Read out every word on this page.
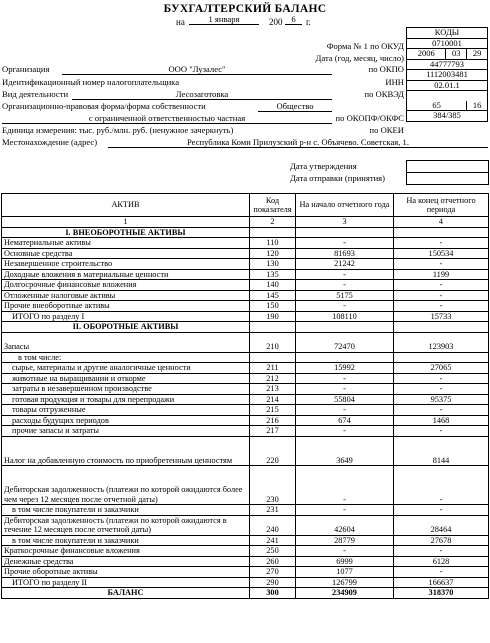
БУХГАЛТЕРСКИЙ БАЛАНС
на	1 января	200	6	г.
КОДЫ		
0710001		
2006	03	29
44777793		
1112003481		
02.01.1		

65		16
384/385		
Форма № 1 по ОКУД
Дата (год, месяц, число)
Организация	ООО "Лузалес"	по ОКПО
Идентификационный номер налогоплательщика	ИНН
Вид деятельности	Лесозаготовка	по ОКВЭД
Организационно-правовая форма/форма собственности	Общество
с ограниченной ответственностью частная	по ОКОПФ/ОКФС
Единица измерения: тыс. руб./млн. руб. (ненужное зачеркнуть)	по ОКЕИ
Местонахождение (адрес)	Республика Коми Прилузский р-н с. Объячево. Советская, 1.
Дата утверждения
Дата отправки (принятия)
АКТИВ	Код показателя	На начало отчетного года	На конец отчетного периода
1	2	3	4
I. ВНЕОБОРОТНЫЕ АКТИВЫ			
Нематериальные активы	110	-	-
Основные средства	120	81693	150534
Незавершенное строительство	130	21242	-
Доходные вложения в материальные ценности	135	-	1199
Долгосрочные финансовые вложения	140	-	-
Отложенные налоговые активы	145	5175	-
Прочие внеоборотные активы	150	-	-
ИТОГО по разделу I	190	108110	15733
II. ОБОРОТНЫЕ АКТИВЫ			
Запасы	210	72470	123903
в том числе:			
сырье, материалы и другие аналогичные ценности	211	15992	27065
животные на выращивании и откорме	212	-	-
затраты в незавершенном производстве	213	-	-
готовая продукция и товары для перепродажи	214	55804	95375
товары отгруженные	215	-	-
расходы будущих периодов	216	674	1468
прочие запасы и затраты	217	-	-
Налог на добавленную стоимость по приобретенным ценностям	220	3649	8144
Дебиторская задолженность (платежи по которой ожидаются более чем через 12 месяцев после отчетной даты)	230	-	-
в том числе покупатели и заказчики	231	-	-
Дебиторская задолженность (платежи по которой ожидаются в течение 12 месяцев после отчетной даты)	240	42604	28464
в том числе покупатели и заказчики	241	28779	27678
Краткосрочные финансовые вложения	250	-	-
Денежные средства	260	6999	6128
Прочие оборотные активы	270	1077	-
ИТОГО по разделу II	290	126799	166637
БАЛАНС	300	234909	318370
